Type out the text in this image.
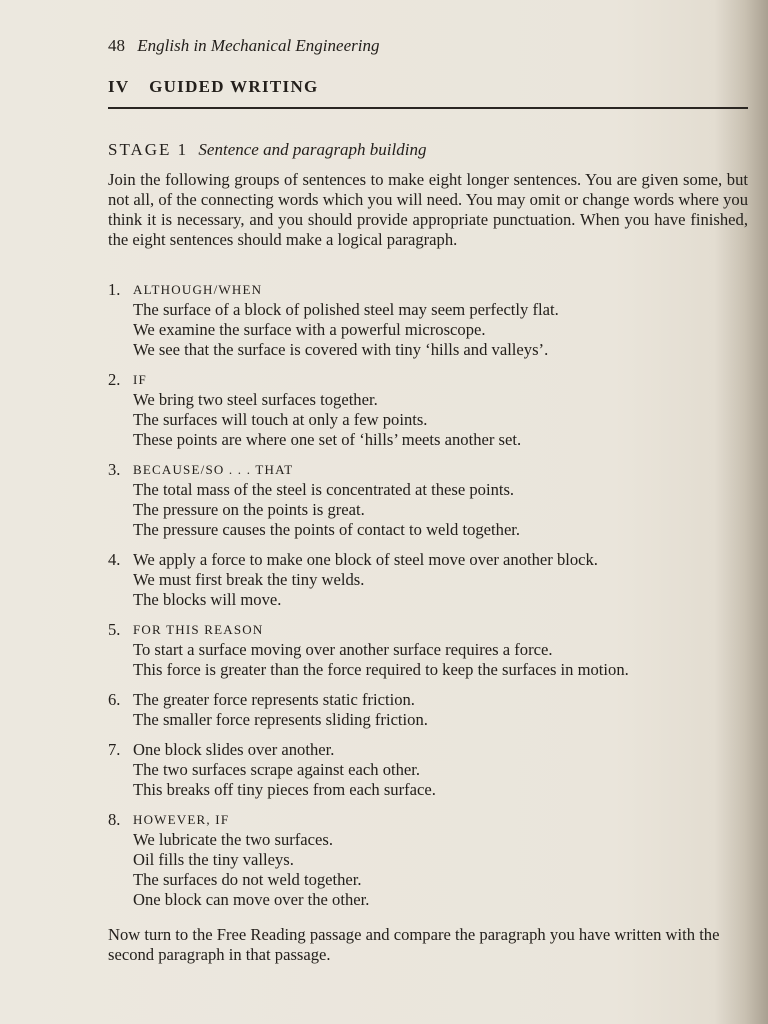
48 English in Mechanical Engineering
IV GUIDED WRITING
STAGE 1 Sentence and paragraph building

Join the following groups of sentences to make eight longer sentences. You are given some, but not all, of the connecting words which you will need. You may omit or change words where you think it is necessary, and you should provide appropriate punctuation. When you have finished, the eight sentences should make a logical paragraph.

1. ALTHOUGH/WHEN
The surface of a block of polished steel may seem perfectly flat.
We examine the surface with a powerful microscope.
We see that the surface is covered with tiny ‘hills and valleys’.
2. IF
We bring two steel surfaces together.
The surfaces will touch at only a few points.
These points are where one set of ‘hills’ meets another set.
3. BECAUSE/SO . . . THAT
The total mass of the steel is concentrated at these points.
The pressure on the points is great.
The pressure causes the points of contact to weld together.
4. We apply a force to make one block of steel move over another block.
We must first break the tiny welds.
The blocks will move.
5. FOR THIS REASON
To start a surface moving over another surface requires a force.
This force is greater than the force required to keep the surfaces in motion.
6. The greater force represents static friction.
The smaller force represents sliding friction.
7. One block slides over another.
The two surfaces scrape against each other.
This breaks off tiny pieces from each surface.
8. HOWEVER, IF
We lubricate the two surfaces.
Oil fills the tiny valleys.
The surfaces do not weld together.
One block can move over the other.

Now turn to the Free Reading passage and compare the paragraph you have written with the second paragraph in that passage.
